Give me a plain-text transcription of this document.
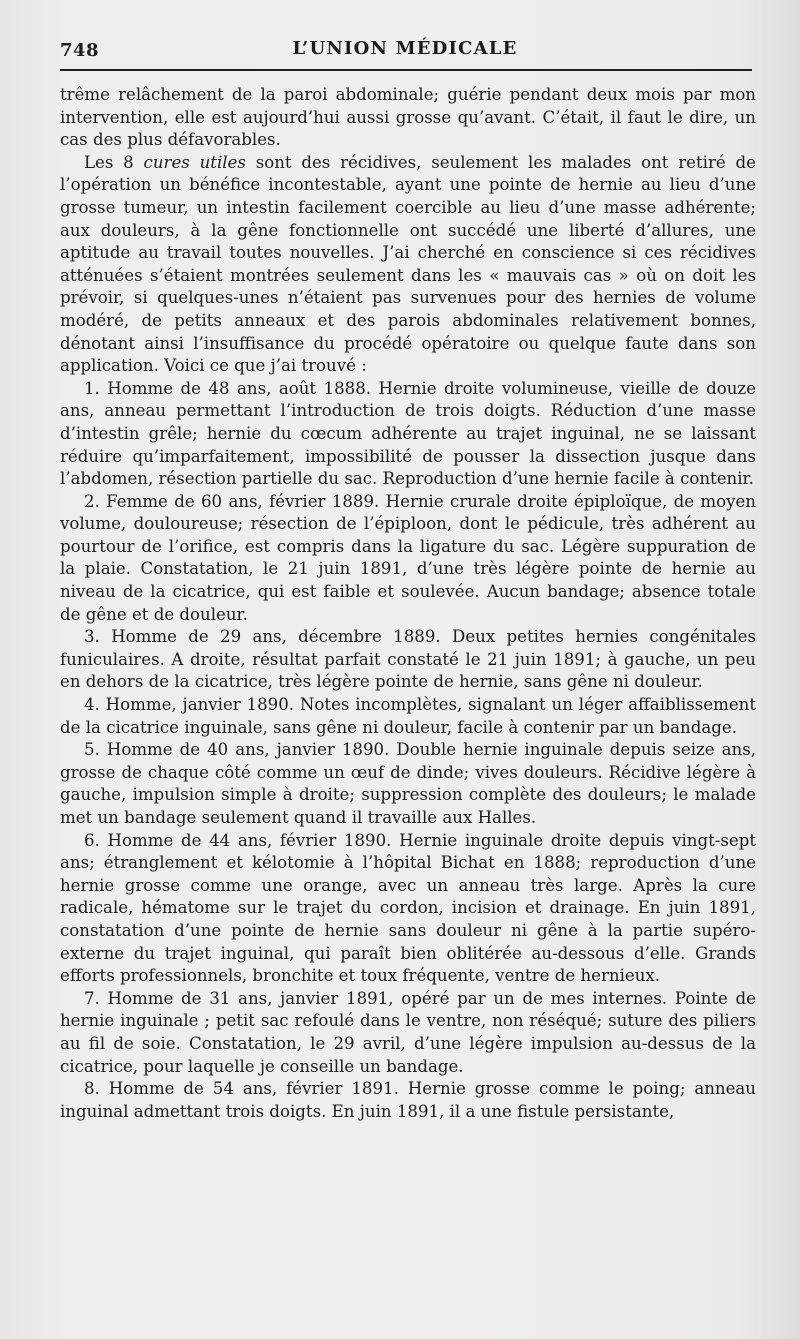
748	L’UNION MÉDICALE

trême relâchement de la paroi abdominale; guérie pendant deux mois par mon intervention, elle est aujourd’hui aussi grosse qu’avant. C’était, il faut le dire, un cas des plus défavorables.

Les 8 cures utiles sont des récidives, seulement les malades ont retiré de l’opération un bénéfice incontestable, ayant une pointe de hernie au lieu d’une grosse tumeur, un intestin facilement coercible au lieu d’une masse adhérente; aux douleurs, à la gêne fonctionnelle ont succédé une liberté d’allures, une aptitude au travail toutes nouvelles. J’ai cherché en conscience si ces récidives atténuées s’étaient montrées seulement dans les « mauvais cas » où on doit les prévoir, si quelques-unes n’étaient pas survenues pour des hernies de volume modéré, de petits anneaux et des parois abdominales relativement bonnes, dénotant ainsi l’insuffisance du procédé opératoire ou quelque faute dans son application. Voici ce que j’ai trouvé :

1. Homme de 48 ans, août 1888. Hernie droite volumineuse, vieille de douze ans, anneau permettant l’introduction de trois doigts. Réduction d’une masse d’intestin grêle; hernie du cœcum adhérente au trajet inguinal, ne se laissant réduire qu’imparfaitement, impossibilité de pousser la dissection jusque dans l’abdomen, résection partielle du sac. Reproduction d’une hernie facile à contenir.

2. Femme de 60 ans, février 1889. Hernie crurale droite épiploïque, de moyen volume, douloureuse; résection de l’épiploon, dont le pédicule, très adhérent au pourtour de l’orifice, est compris dans la ligature du sac. Légère suppuration de la plaie. Constatation, le 21 juin 1891, d’une très légère pointe de hernie au niveau de la cicatrice, qui est faible et soulevée. Aucun bandage; absence totale de gêne et de douleur.

3. Homme de 29 ans, décembre 1889. Deux petites hernies congénitales funiculaires. A droite, résultat parfait constaté le 21 juin 1891; à gauche, un peu en dehors de la cicatrice, très légère pointe de hernie, sans gêne ni douleur.

4. Homme, janvier 1890. Notes incomplètes, signalant un léger affaiblissement de la cicatrice inguinale, sans gêne ni douleur, facile à contenir par un bandage.

5. Homme de 40 ans, janvier 1890. Double hernie inguinale depuis seize ans, grosse de chaque côté comme un œuf de dinde; vives douleurs. Récidive légère à gauche, impulsion simple à droite; suppression complète des douleurs; le malade met un bandage seulement quand il travaille aux Halles.

6. Homme de 44 ans, février 1890. Hernie inguinale droite depuis vingt-sept ans; étranglement et kélotomie à l’hôpital Bichat en 1888; reproduction d’une hernie grosse comme une orange, avec un anneau très large. Après la cure radicale, hématome sur le trajet du cordon, incision et drainage. En juin 1891, constatation d’une pointe de hernie sans douleur ni gêne à la partie supéro-externe du trajet inguinal, qui paraît bien oblitérée au-dessous d’elle. Grands efforts professionnels, bronchite et toux fréquente, ventre de hernieux.

7. Homme de 31 ans, janvier 1891, opéré par un de mes internes. Pointe de hernie inguinale ; petit sac refoulé dans le ventre, non réséqué; suture des piliers au fil de soie. Constatation, le 29 avril, d’une légère impulsion au-dessus de la cicatrice, pour laquelle je conseille un bandage.

8. Homme de 54 ans, février 1891. Hernie grosse comme le poing; anneau inguinal admettant trois doigts. En juin 1891, il a une fistule persistante,
